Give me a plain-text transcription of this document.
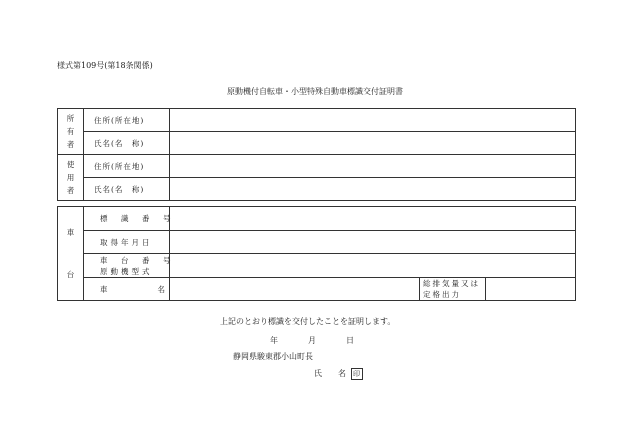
様式第109号(第18条関係)
原動機付自転車・小型特殊自動車標識交付証明書
所
有
者	住所(所在地)	
	氏名(名　称)	

使
用
者	住所(所在地)	
	氏名(名　称)	
車
台	標　識　番　号			
	取得年月日			

	車　台　番　号
原動機型式			

	車 名		総排気量又は
定格出力	

上記のとおり標識を交付したことを証明します。
年	月	日
静岡県駿東郡小山町長
氏　　名 印
